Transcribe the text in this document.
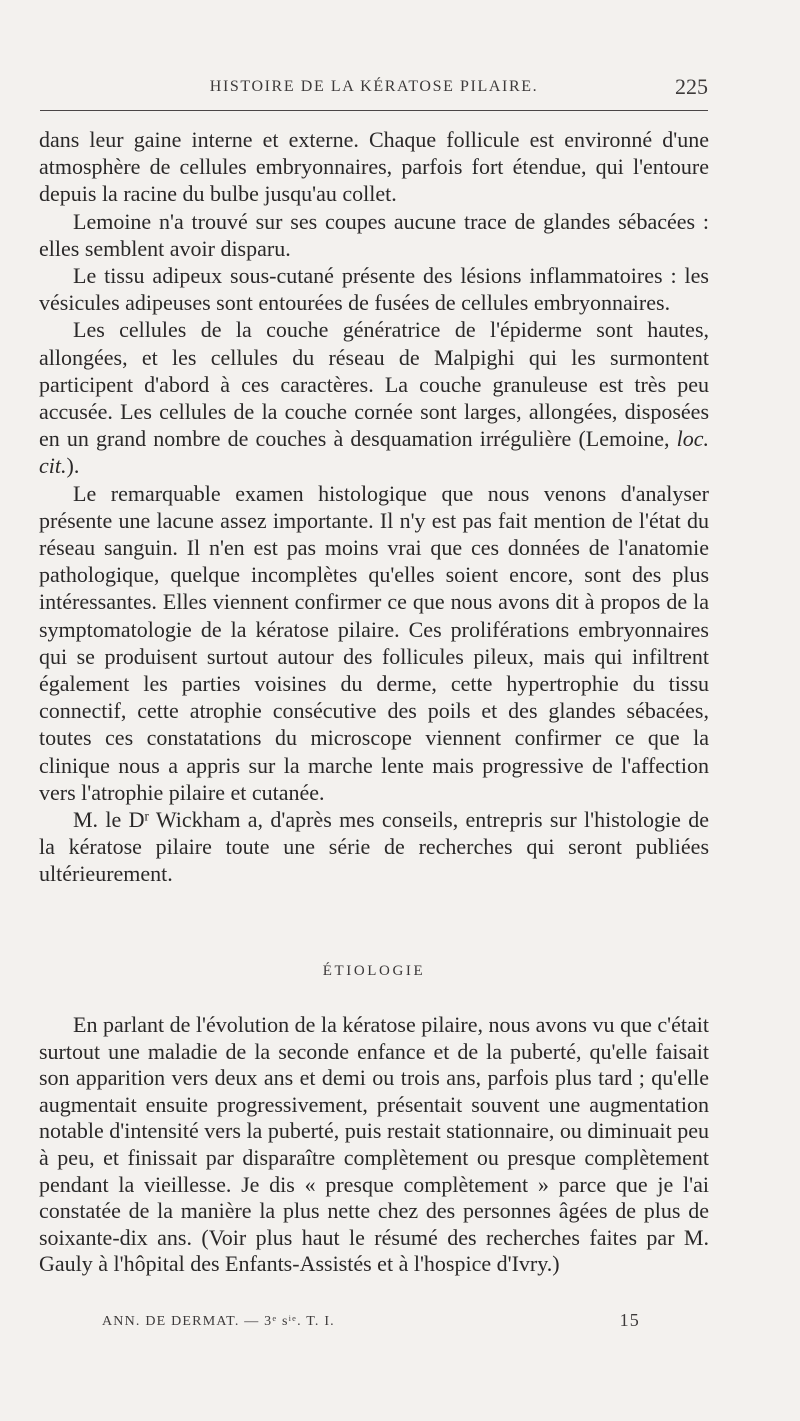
HISTOIRE DE LA KÉRATOSE PILAIRE.	225

dans leur gaine interne et externe. Chaque follicule est environné d'une atmosphère de cellules embryonnaires, parfois fort étendue, qui l'entoure depuis la racine du bulbe jusqu'au collet.

Lemoine n'a trouvé sur ses coupes aucune trace de glandes sébacées : elles semblent avoir disparu.

Le tissu adipeux sous-cutané présente des lésions inflammatoires : les vésicules adipeuses sont entourées de fusées de cellules embryonnaires.

Les cellules de la couche génératrice de l'épiderme sont hautes, allongées, et les cellules du réseau de Malpighi qui les surmontent participent d'abord à ces caractères. La couche granuleuse est très peu accusée. Les cellules de la couche cornée sont larges, allongées, disposées en un grand nombre de couches à desquamation irrégulière (Lemoine, loc. cit.).

Le remarquable examen histologique que nous venons d'analyser présente une lacune assez importante. Il n'y est pas fait mention de l'état du réseau sanguin. Il n'en est pas moins vrai que ces données de l'anatomie pathologique, quelque incomplètes qu'elles soient encore, sont des plus intéressantes. Elles viennent confirmer ce que nous avons dit à propos de la symptomatologie de la kératose pilaire. Ces proliférations embryonnaires qui se produisent surtout autour des follicules pileux, mais qui infiltrent également les parties voisines du derme, cette hypertrophie du tissu connectif, cette atrophie consécutive des poils et des glandes sébacées, toutes ces constatations du microscope viennent confirmer ce que la clinique nous a appris sur la marche lente mais progressive de l'affection vers l'atrophie pilaire et cutanée.

M. le $D^r$ Wickham a, d'après mes conseils, entrepris sur l'histologie de la kératose pilaire toute une série de recherches qui seront publiées ultérieurement.

ÉTIOLOGIE

En parlant de l'évolution de la kératose pilaire, nous avons vu que c'était surtout une maladie de la seconde enfance et de la puberté, qu'elle faisait son apparition vers deux ans et demi ou trois ans, parfois plus tard ; qu'elle augmentait ensuite progressivement, présentait souvent une augmentation notable d'intensité vers la puberté, puis restait stationnaire, ou diminuait peu à peu, et finissait par disparaître complètement ou presque complètement pendant la vieillesse. Je dis « presque complètement » parce que je l'ai constatée de la manière la plus nette chez des personnes âgées de plus de soixante-dix ans. (Voir plus haut le résumé des recherches faites par M. Gauly à l'hôpital des Enfants-Assistés et à l'hospice d'Ivry.)

ANN. DE DERMAT. — 3e $s^{ie}$. T. I.	15
